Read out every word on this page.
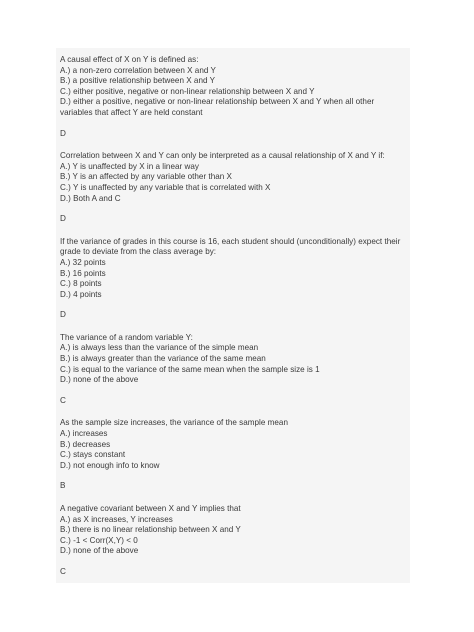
A causal effect of X on Y is defined as:
A.) a non-zero correlation between X and Y
B.) a positive relationship between X and Y
C.) either positive, negative or non-linear relationship between X and Y
D.) either a positive, negative or non-linear relationship between X and Y when all other
variables that affect Y are held constant
D
Correlation between X and Y can only be interpreted as a causal relationship of X and Y if:
A.) Y is unaffected by X in a linear way
B.) Y is an affected by any variable other than X
C.) Y is unaffected by any variable that is correlated with X
D.) Both A and C
D
If the variance of grades in this course is 16, each student should (unconditionally) expect their
grade to deviate from the class average by:
A.) 32 points
B.) 16 points
C.) 8 points
D.) 4 points
D
The variance of a random variable Y:
A.) is always less than the variance of the simple mean
B.) is always greater than the variance of the same mean
C.) is equal to the variance of the same mean when the sample size is 1
D.) none of the above
C
As the sample size increases, the variance of the sample mean
A.) increases
B.) decreases
C.) stays constant
D.) not enough info to know
B
A negative covariant between X and Y implies that
A.) as X increases, Y increases
B.) there is no linear relationship between X and Y
C.) -1 < Corr(X,Y) < 0
D.) none of the above
C
